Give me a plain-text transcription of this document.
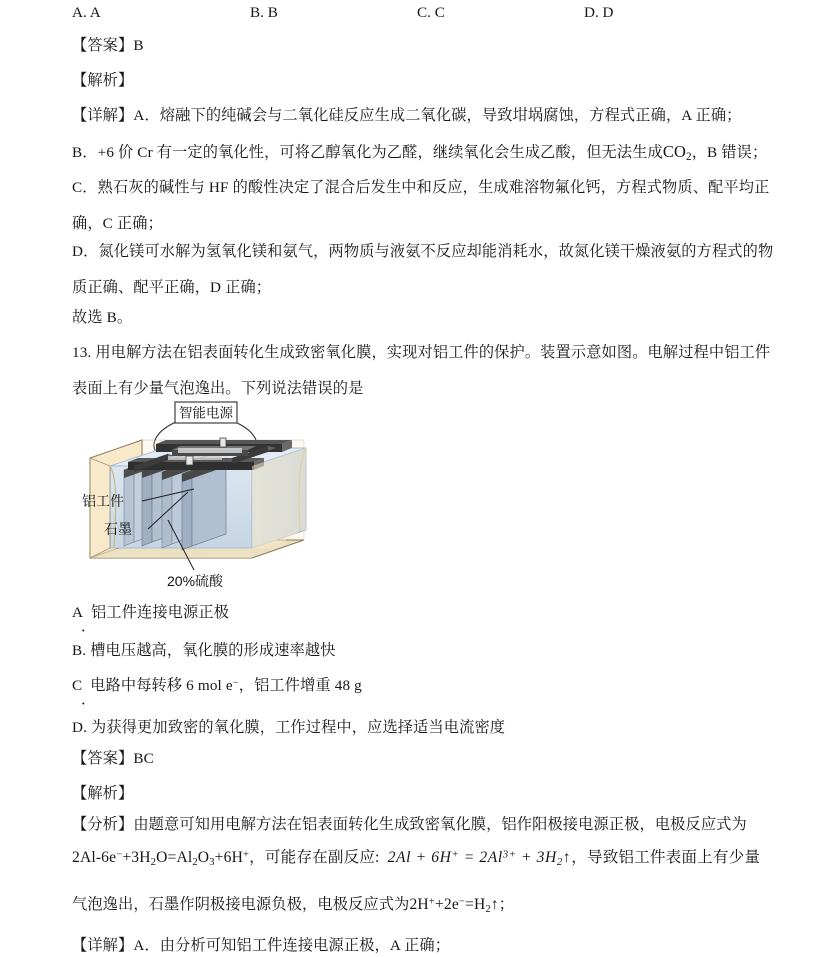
A. A	B. B	C. C	D. D
【答案】B
【解析】
【详解】A．熔融下的纯碱会与二氧化硅反应生成二氧化碳，导致坩埚腐蚀，方程式正确，A 正确；
B．+6 价 Cr 有一定的氧化性，可将乙醇氧化为乙醛，继续氧化会生成乙酸，但无法生成$CO_2$，B 错误；
C．熟石灰的碱性与 HF 的酸性决定了混合后发生中和反应，生成难溶物氟化钙，方程式物质、配平均正
确，C 正确；
D．氮化镁可水解为氢氧化镁和氨气，两物质与液氨不反应却能消耗水，故氮化镁干燥液氨的方程式的物
质正确、配平正确，D 正确；
故选 B。
13. 用电解方法在铝表面转化生成致密氧化膜，实现对铝工件的保护。装置示意如图。电解过程中铝工件
表面上有少量气泡逸出。下列说法错误的是
智能电源
铝工件
石墨
20%硫酸
A 铝工件连接电源正极
．
B. 槽电压越高，氧化膜的形成速率越快
C 电路中每转移 6 mol e−，铝工件增重 48 g
．
D. 为获得更加致密的氧化膜，工作过程中，应选择适当电流密度
【答案】BC
【解析】
【分析】由题意可知用电解方法在铝表面转化生成致密氧化膜，铝作阳极接电源正极，电极反应式为
$2Al-6e^-+3H_2O=Al_2O_3+6H^+$，可能存在副反应: $2Al + 6H^+ = 2Al^{3+}$ + $3H_2↑$，导致铝工件表面上有少量
气泡逸出，石墨作阴极接电源负极，电极反应式为$2H^++2e^-=H_2↑$；
【详解】A．由分析可知铝工件连接电源正极，A 正确；
